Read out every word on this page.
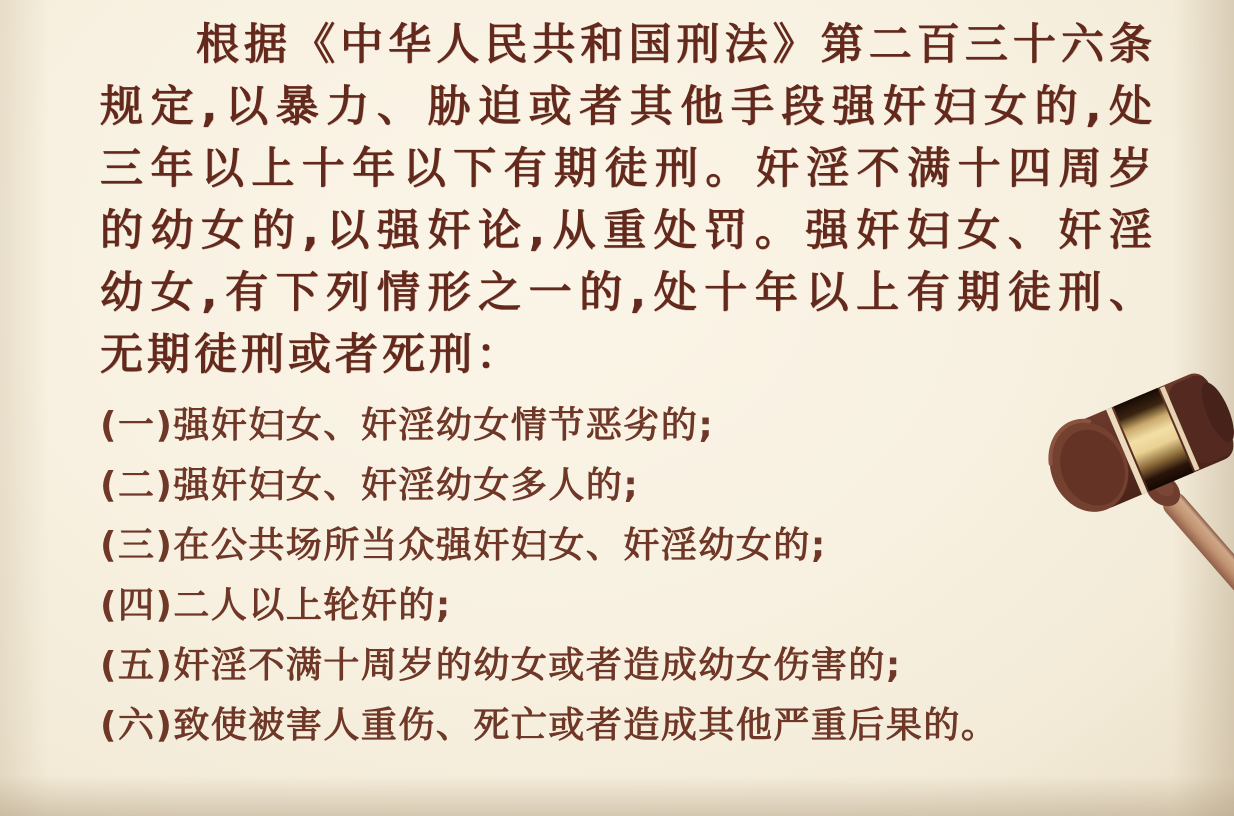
根据《中华人民共和国刑法》第二百三十六条
规定,以暴力、胁迫或者其他手段强奸妇女的,处
三年以上十年以下有期徒刑。奸淫不满十四周岁
的幼女的,以强奸论,从重处罚。强奸妇女、奸淫
幼女,有下列情形之一的,处十年以上有期徒刑、
无期徒刑或者死刑：
(一)强奸妇女、奸淫幼女情节恶劣的;
(二)强奸妇女、奸淫幼女多人的;
(三)在公共场所当众强奸妇女、奸淫幼女的;
(四)二人以上轮奸的;
(五)奸淫不满十周岁的幼女或者造成幼女伤害的;
(六)致使被害人重伤、死亡或者造成其他严重后果的。
